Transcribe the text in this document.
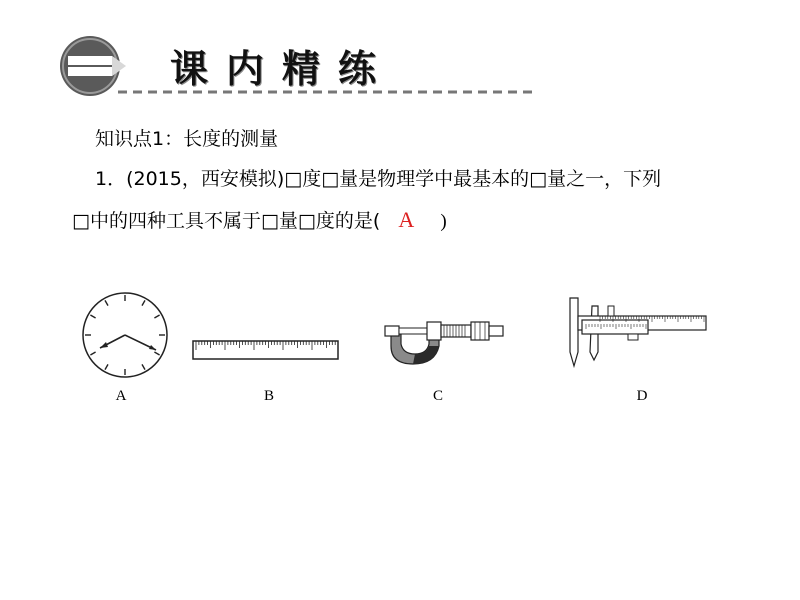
课内精练
知识点1：长度的测量
1．(2015，西安模拟)□度□量是物理学中最基本的□量之一，下列
□中的四种工具不属于□量□度的是( A )
A	B	C	D
